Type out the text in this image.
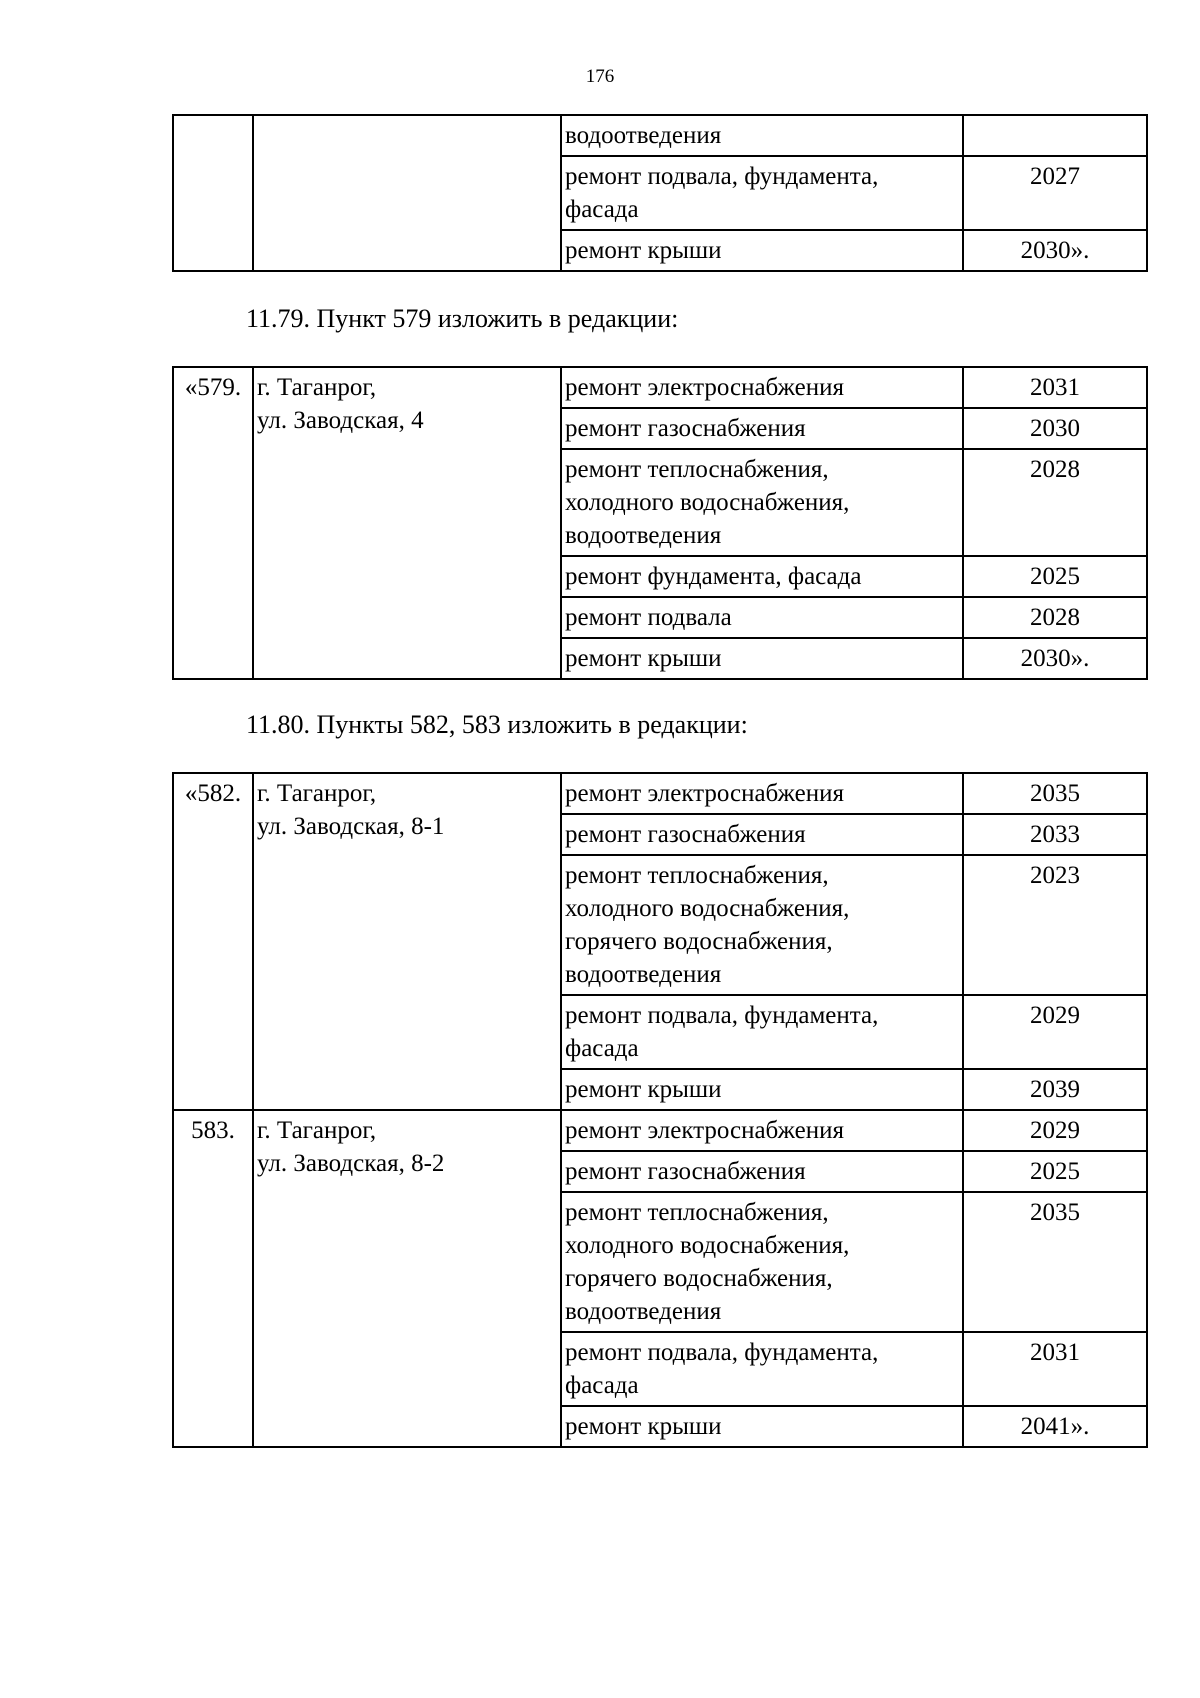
176

		водоотведения	

		ремонт подвала, фундамента,
фасада	2027

		ремонт крыши	2030».
11.79. Пункт 579 изложить в редакции:
«579.	г. Таганрог,
ул. Заводская, 4	ремонт электроснабжения	2031

		ремонт газоснабжения	2030

		ремонт теплоснабжения,
холодного водоснабжения,
водоотведения	2028

		ремонт фундамента, фасада	2025

		ремонт подвала	2028

		ремонт крыши	2030».
11.80. Пункты 582, 583 изложить в редакции:
«582.	г. Таганрог,
ул. Заводская, 8-1	ремонт электроснабжения	2035

		ремонт газоснабжения	2033

		ремонт теплоснабжения,
холодного водоснабжения,
горячего водоснабжения,
водоотведения	2023

		ремонт подвала, фундамента,
фасада	2029

		ремонт крыши	2039
583.	г. Таганрог,
ул. Заводская, 8-2	ремонт электроснабжения	2029

		ремонт газоснабжения	2025

		ремонт теплоснабжения,
холодного водоснабжения,
горячего водоснабжения,
водоотведения	2035

		ремонт подвала, фундамента,
фасада	2031

		ремонт крыши	2041».
